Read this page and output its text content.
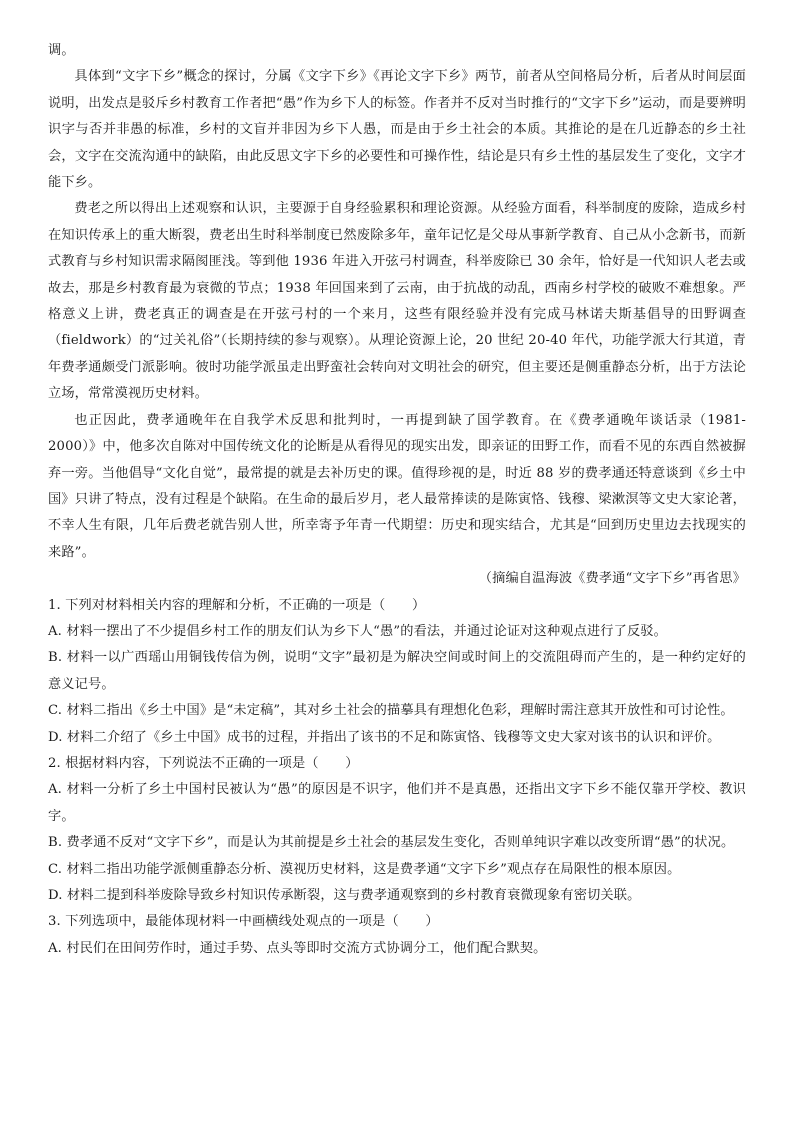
调。

具体到“文字下乡”概念的探讨，分属《文字下乡》《再论文字下乡》两节，前者从空间格局分析，后者从时间层面说明，出发点是驳斥乡村教育工作者把“愚”作为乡下人的标签。作者并不反对当时推行的“文字下乡”运动，而是要辨明识字与否并非愚的标准，乡村的文盲并非因为乡下人愚，而是由于乡土社会的本质。其推论的是在几近静态的乡土社会，文字在交流沟通中的缺陷，由此反思文字下乡的必要性和可操作性，结论是只有乡土性的基层发生了变化，文字才能下乡。

费老之所以得出上述观察和认识，主要源于自身经验累积和理论资源。从经验方面看，科举制度的废除，造成乡村在知识传承上的重大断裂，费老出生时科举制度已然废除多年，童年记忆是父母从事新学教育、自己从小念新书，而新式教育与乡村知识需求隔阂匪浅。等到他 1936 年进入开弦弓村调查，科举废除已 30 余年，恰好是一代知识人老去或故去，那是乡村教育最为衰微的节点；1938 年回国来到了云南，由于抗战的动乱，西南乡村学校的破败不难想象。严格意义上讲，费老真正的调查是在开弦弓村的一个来月，这些有限经验并没有完成马林诺夫斯基倡导的田野调查（fieldwork）的“过关礼俗”（长期持续的参与观察）。从理论资源上论，20 世纪 20-40 年代，功能学派大行其道，青年费孝通颇受门派影响。彼时功能学派虽走出野蛮社会转向对文明社会的研究，但主要还是侧重静态分析，出于方法论立场，常常漠视历史材料。

也正因此，费孝通晚年在自我学术反思和批判时，一再提到缺了国学教育。在《费孝通晚年谈话录（1981-2000）》中，他多次自陈对中国传统文化的论断是从看得见的现实出发，即亲证的田野工作，而看不见的东西自然被摒弃一旁。当他倡导“文化自觉”，最常提的就是去补历史的课。值得珍视的是，时近 88 岁的费孝通还特意谈到《乡土中国》只讲了特点，没有过程是个缺陷。在生命的最后岁月，老人最常捧读的是陈寅恪、钱穆、梁漱溟等文史大家论著，不幸人生有限，几年后费老就告别人世，所幸寄予年青一代期望：历史和现实结合，尤其是“回到历史里边去找现实的来路”。

（摘编自温海波《费孝通“文字下乡”再省思》

1. 下列对材料相关内容的理解和分析，不正确的一项是（　　）

A. 材料一摆出了不少提倡乡村工作的朋友们认为乡下人“愚”的看法，并通过论证对这种观点进行了反驳。

B. 材料一以广西瑶山用铜钱传信为例，说明“文字”最初是为解决空间或时间上的交流阻碍而产生的，是一种约定好的意义记号。

C. 材料二指出《乡土中国》是“未定稿”，其对乡土社会的描摹具有理想化色彩，理解时需注意其开放性和可讨论性。

D. 材料二介绍了《乡土中国》成书的过程，并指出了该书的不足和陈寅恪、钱穆等文史大家对该书的认识和评价。

2. 根据材料内容，下列说法不正确的一项是（　　）

A. 材料一分析了乡土中国村民被认为“愚”的原因是不识字，他们并不是真愚，还指出文字下乡不能仅靠开学校、教识字。

B. 费孝通不反对“文字下乡”，而是认为其前提是乡土社会的基层发生变化，否则单纯识字难以改变所谓“愚”的状况。

C. 材料二指出功能学派侧重静态分析、漠视历史材料，这是费孝通“文字下乡”观点存在局限性的根本原因。

D. 材料二提到科举废除导致乡村知识传承断裂，这与费孝通观察到的乡村教育衰微现象有密切关联。

3. 下列选项中，最能体现材料一中画横线处观点的一项是（　　）

A. 村民们在田间劳作时，通过手势、点头等即时交流方式协调分工，他们配合默契。
